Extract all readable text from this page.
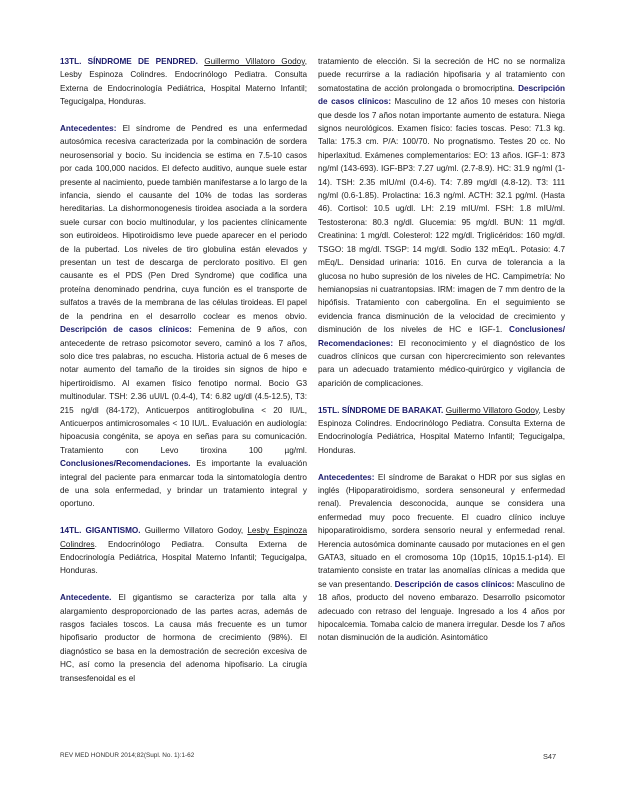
13TL. SÍNDROME DE PENDRED. Guillermo Villatoro Godoy, Lesby Espinoza Colindres. Endocrinólogo Pediatra. Consulta Externa de Endocrinología Pediátrica, Hospital Materno Infantil; Tegucigalpa, Honduras.

Antecedentes: El síndrome de Pendred es una enfermedad autosómica recesiva caracterizada por la combinación de sordera neurosensorial y bocio. Su incidencia se estima en 7.5-10 casos por cada 100,000 nacidos. El defecto auditivo, aunque suele estar presente al nacimiento, puede también manifestarse a lo largo de la infancia, siendo el causante del 10% de todas las sorderas hereditarias. La dishormonogenesis tiroidea asociada a la sordera suele cursar con bocio multinodular, y los pacientes clínicamente son eutiroideos. Hipotiroidismo leve puede aparecer en el periodo de la pubertad. Los niveles de tiro globulina están elevados y presentan un test de descarga de perclorato positivo. El gen causante es el PDS (Pen Dred Syndrome) que codifica una proteína denominado pendrina, cuya función es el transporte de sulfatos a través de la membrana de las células tiroideas. El papel de la pendrina en el desarrollo coclear es menos obvio. Descripción de casos clínicos: Femenina de 9 años, con antecedente de retraso psicomotor severo, caminó a los 7 años, solo dice tres palabras, no escucha. Historia actual de 6 meses de notar aumento del tamaño de la tiroides sin signos de hipo e hipertiroidismo. Al examen físico fenotipo normal. Bocio G3 multinodular. TSH: 2.36 uUI/L (0.4-4), T4: 6.82 ug/dl (4.5-12.5), T3: 215 ng/dl (84-172), Anticuerpos antitiroglobulina < 20 IU/L, Anticuerpos antimicrosomales < 10 IU/L. Evaluación en audiología: hipoacusia congénita, se apoya en señas para su comunicación. Tratamiento con Levo tiroxina 100 µg/ml. Conclusiones/Recomendaciones. Es importante la evaluación integral del paciente para enmarcar toda la sintomatología dentro de una sola enfermedad, y brindar un tratamiento integral y oportuno.

14TL. GIGANTISMO. Guillermo Villatoro Godoy, Lesby Espinoza Colindres. Endocrinólogo Pediatra. Consulta Externa de Endocrinología Pediátrica, Hospital Materno Infantil; Tegucigalpa, Honduras.

Antecedente. El gigantismo se caracteriza por talla alta y alargamiento desproporcionado de las partes acras, además de rasgos faciales toscos. La causa más frecuente es un tumor hipofisario productor de hormona de crecimiento (98%). El diagnóstico se basa en la demostración de secreción excesiva de HC, así como la presencia del adenoma hipofisario. La cirugía transesfenoidal es el

tratamiento de elección. Si la secreción de HC no se normaliza puede recurrirse a la radiación hipofisaria y al tratamiento con somatostatina de acción prolongada o bromocriptina. Descripción de casos clínicos: Masculino de 12 años 10 meses con historia que desde los 7 años notan importante aumento de estatura. Niega signos neurológicos. Examen físico: facies toscas. Peso: 71.3 kg. Talla: 175.3 cm. P/A: 100/70. No prognatismo. Testes 20 cc. No hiperlaxitud. Exámenes complementarios: EO: 13 años. IGF-1: 873 ng/ml (143-693). IGF-BP3: 7.27 ug/ml. (2.7-8.9). HC: 31.9 ng/ml (1-14). TSH: 2.35 mIU/ml (0.4-6). T4: 7.89 mg/dl (4.8-12). T3: 111 ng/ml (0.6-1.85). Prolactina: 16.3 ng/ml. ACTH: 32.1 pg/ml. (Hasta 46). Cortisol: 10.5 ug/dl. LH: 2.19 mIU/ml. FSH: 1.8 mIU/ml. Testosterona: 80.3 ng/dl. Glucemia: 95 mg/dl. BUN: 11 mg/dl. Creatinina: 1 mg/dl. Colesterol: 122 mg/dl. Triglicéridos: 160 mg/dl. TSGO: 18 mg/dl. TSGP: 14 mg/dl. Sodio 132 mEq/L. Potasio: 4.7 mEq/L. Densidad urinaria: 1016. En curva de tolerancia a la glucosa no hubo supresión de los niveles de HC. Campimetría: No hemianopsias ni cuatrantopsias. IRM: imagen de 7 mm dentro de la hipófisis. Tratamiento con cabergolina. En el seguimiento se evidencia franca disminución de la velocidad de crecimiento y disminución de los niveles de HC e IGF-1. Conclusiones/ Recomendaciones: El reconocimiento y el diagnóstico de los cuadros clínicos que cursan con hipercrecimiento son relevantes para un adecuado tratamiento médico-quirúrgico y vigilancia de aparición de complicaciones.

15TL. SÍNDROME DE BARAKAT. Guillermo Villatoro Godoy, Lesby Espinoza Colindres. Endocrinólogo Pediatra. Consulta Externa de Endocrinología Pediátrica, Hospital Materno Infantil; Tegucigalpa, Honduras.

Antecedentes: El síndrome de Barakat o HDR por sus siglas en inglés (Hipoparatiroidismo, sordera sensoneural y enfermedad renal). Prevalencia desconocida, aunque se considera una enfermedad muy poco frecuente. El cuadro clínico incluye hipoparatiroidismo, sordera sensorio neural y enfermedad renal. Herencia autosómica dominante causado por mutaciones en el gen GATA3, situado en el cromosoma 10p (10p15, 10p15.1-p14). El tratamiento consiste en tratar las anomalías clínicas a medida que se van presentando. Descripción de casos clínicos: Masculino de 18 años, producto del noveno embarazo. Desarrollo psicomotor adecuado con retraso del lenguaje. Ingresado a los 4 años por hipocalcemia. Tomaba calcio de manera irregular. Desde los 7 años notan disminución de la audición. Asintomático

REV MED HONDUR 2014;82(Supl. No. 1):1-62	S47
